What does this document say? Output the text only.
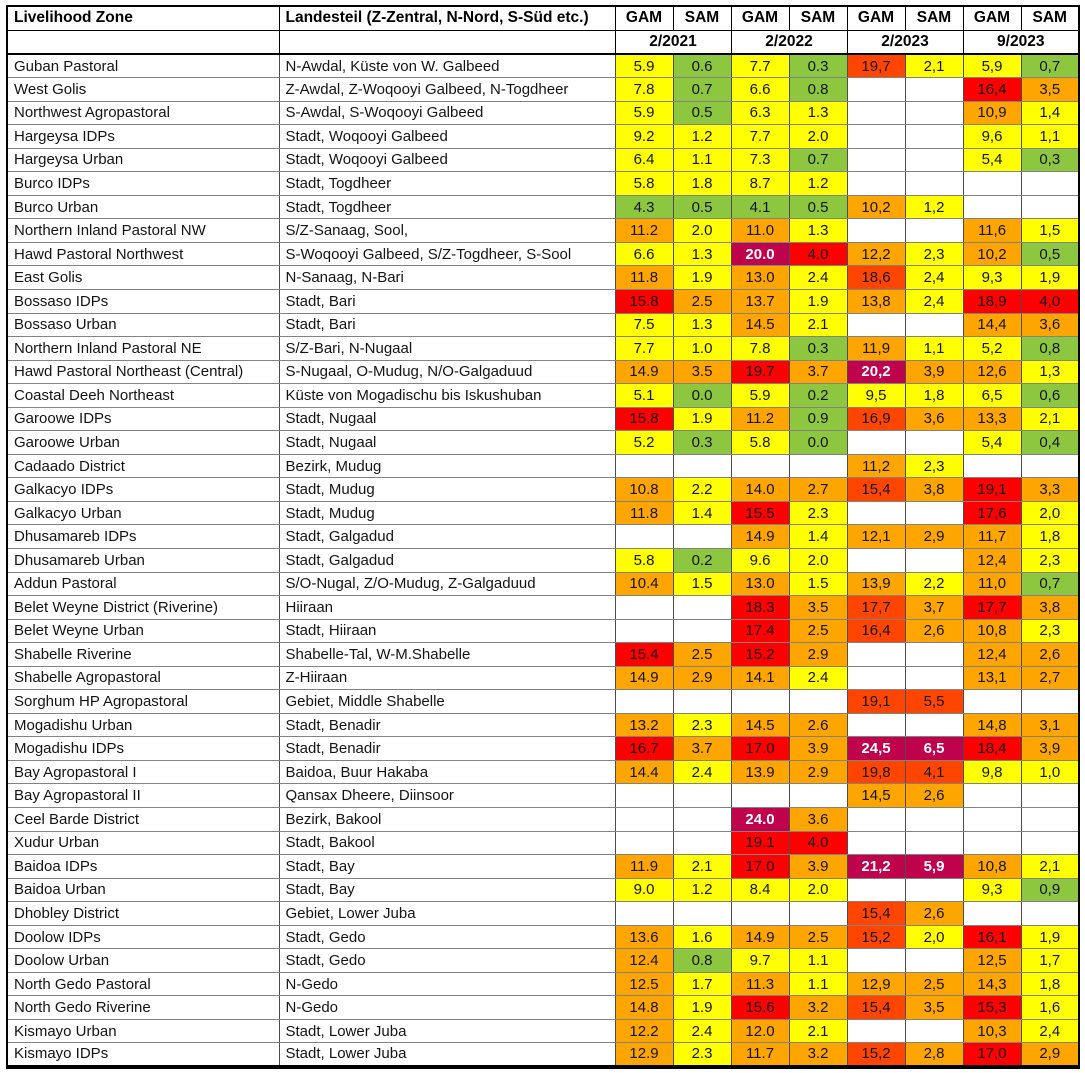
Livelihood Zone	Landesteil (Z-Zentral, N-Nord, S-Süd etc.)	GAM	SAM	GAM	SAM	GAM	SAM	GAM	SAM
		2/2021		2/2022		2/2023		9/2023	
Guban Pastoral	N-Awdal, Küste von W. Galbeed	5.9	0.6	7.7	0.3	19,7	2,1	5,9	0,7
West Golis	Z-Awdal, Z-Woqooyi Galbeed, N-Togdheer	7.8	0.7	6.6	0.8			16,4	3,5
Northwest Agropastoral	S-Awdal, S-Woqooyi Galbeed	5.9	0.5	6.3	1.3			10,9	1,4
Hargeysa IDPs	Stadt, Woqooyi Galbeed	9.2	1.2	7.7	2.0			9,6	1,1
Hargeysa Urban	Stadt, Woqooyi Galbeed	6.4	1.1	7.3	0.7			5,4	0,3
Burco IDPs	Stadt, Togdheer	5.8	1.8	8.7	1.2				
Burco Urban	Stadt, Togdheer	4.3	0.5	4.1	0.5	10,2	1,2		
Northern Inland Pastoral NW	S/Z-Sanaag, Sool,	11.2	2.0	11.0	1.3			11,6	1,5
Hawd Pastoral Northwest	S-Woqooyi Galbeed, S/Z-Togdheer, S-Sool	6.6	1.3	20.0	4.0	12,2	2,3	10,2	0,5
East Golis	N-Sanaag, N-Bari	11.8	1.9	13.0	2.4	18,6	2,4	9,3	1,9
Bossaso IDPs	Stadt, Bari	15.8	2.5	13.7	1.9	13,8	2,4	18,9	4,0
Bossaso Urban	Stadt, Bari	7.5	1.3	14.5	2.1			14,4	3,6
Northern Inland Pastoral NE	S/Z-Bari, N-Nugaal	7.7	1.0	7.8	0.3	11,9	1,1	5,2	0,8
Hawd Pastoral Northeast (Central)	S-Nugaal, O-Mudug, N/O-Galgaduud	14.9	3.5	19.7	3.7	20,2	3,9	12,6	1,3
Coastal Deeh Northeast	Küste von Mogadischu bis Iskushuban	5.1	0.0	5.9	0.2	9,5	1,8	6,5	0,6
Garoowe IDPs	Stadt, Nugaal	15.8	1.9	11.2	0.9	16,9	3,6	13,3	2,1
Garoowe Urban	Stadt, Nugaal	5.2	0.3	5.8	0.0			5,4	0,4
Cadaado District	Bezirk, Mudug					11,2	2,3		
Galkacyo IDPs	Stadt, Mudug	10.8	2.2	14.0	2.7	15,4	3,8	19,1	3,3
Galkacyo Urban	Stadt, Mudug	11.8	1.4	15.5	2.3			17,6	2,0
Dhusamareb IDPs	Stadt, Galgadud			14.9	1.4	12,1	2,9	11,7	1,8
Dhusamareb Urban	Stadt, Galgadud	5.8	0.2	9.6	2.0			12,4	2,3
Addun Pastoral	S/O-Nugal, Z/O-Mudug, Z-Galgaduud	10.4	1.5	13.0	1.5	13,9	2,2	11,0	0,7
Belet Weyne District (Riverine)	Hiiraan			18.3	3.5	17,7	3,7	17,7	3,8
Belet Weyne Urban	Stadt, Hiiraan			17.4	2.5	16,4	2,6	10,8	2,3
Shabelle Riverine	Shabelle-Tal, W-M.Shabelle	15.4	2.5	15.2	2.9			12,4	2,6
Shabelle Agropastoral	Z-Hiiraan	14.9	2.9	14.1	2.4			13,1	2,7
Sorghum HP Agropastoral	Gebiet, Middle Shabelle					19,1	5,5		
Mogadishu Urban	Stadt, Benadir	13.2	2.3	14.5	2.6			14,8	3,1
Mogadishu IDPs	Stadt, Benadir	16.7	3.7	17.0	3.9	24,5	6,5	18,4	3,9
Bay Agropastoral I	Baidoa, Buur Hakaba	14.4	2.4	13.9	2.9	19,8	4,1	9,8	1,0
Bay Agropastoral II	Qansax Dheere, Diinsoor					14,5	2,6		
Ceel Barde District	Bezirk, Bakool			24.0	3.6				
Xudur Urban	Stadt, Bakool			19.1	4.0				
Baidoa IDPs	Stadt, Bay	11.9	2.1	17.0	3.9	21,2	5,9	10,8	2,1
Baidoa Urban	Stadt, Bay	9.0	1.2	8.4	2.0			9,3	0,9
Dhobley District	Gebiet, Lower Juba					15,4	2,6		
Doolow IDPs	Stadt, Gedo	13.6	1.6	14.9	2.5	15,2	2,0	16,1	1,9
Doolow Urban	Stadt, Gedo	12.4	0.8	9.7	1.1			12,5	1,7
North Gedo Pastoral	N-Gedo	12.5	1.7	11.3	1.1	12,9	2,5	14,3	1,8
North Gedo Riverine	N-Gedo	14.8	1.9	15.6	3.2	15,4	3,5	15,3	1,6
Kismayo Urban	Stadt, Lower Juba	12.2	2.4	12.0	2.1			10,3	2,4
Kismayo IDPs	Stadt, Lower Juba	12.9	2.3	11.7	3.2	15,2	2,8	17,0	2,9
